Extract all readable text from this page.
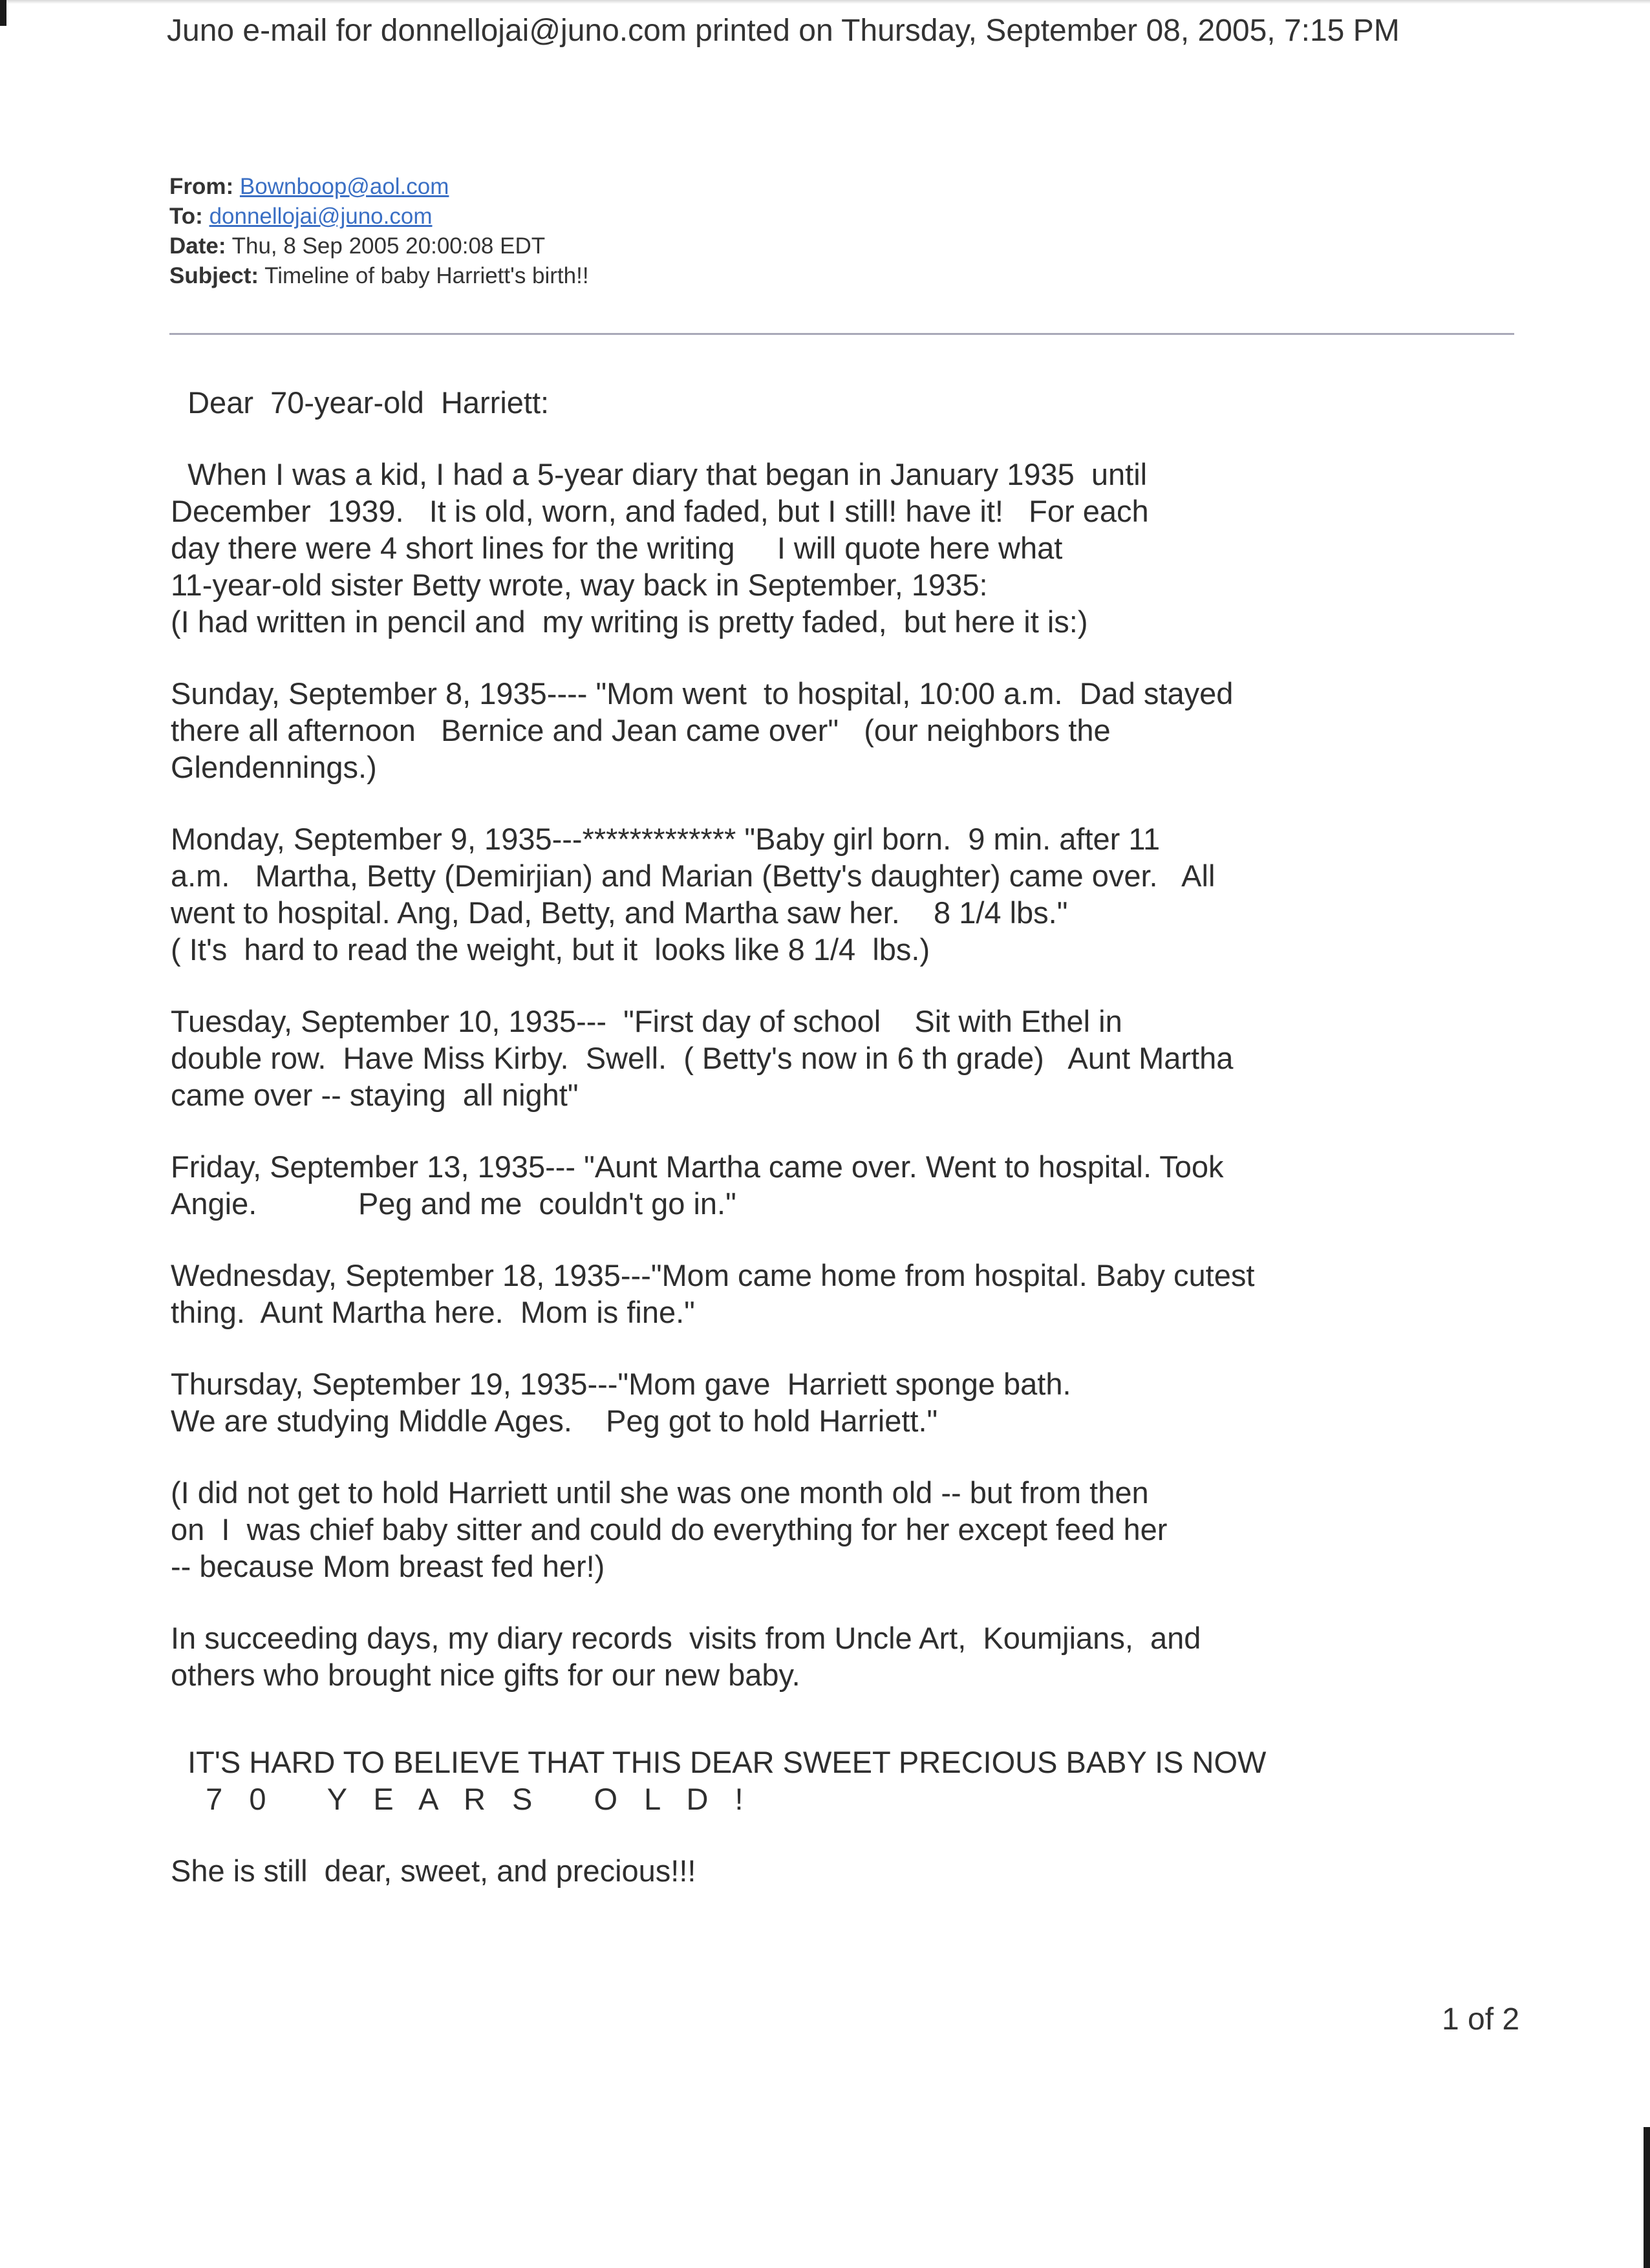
Juno e-mail for donnellojai@juno.com printed on Thursday, September 08, 2005, 7:15 PM
From: Bownboop@aol.com
To: donnellojai@juno.com
Date: Thu, 8 Sep 2005 20:00:08 EDT
Subject: Timeline of baby Harriett's birth!!
Dear  70-year-old  Harriett:
When I was a kid, I had a 5-year diary that began in January 1935  until
December  1939.   It is old, worn, and faded, but I still! have it!   For each
day there were 4 short lines for the writing     I will quote here what
11-year-old sister Betty wrote, way back in September, 1935:
(I had written in pencil and  my writing is pretty faded,  but here it is:)
Sunday, September 8, 1935---- "Mom went  to hospital, 10:00 a.m.  Dad stayed
there all afternoon   Bernice and Jean came over"   (our neighbors the
Glendennings.)
Monday, September 9, 1935---************* "Baby girl born.  9 min. after 11
a.m.   Martha, Betty (Demirjian) and Marian (Betty's daughter) came over.   All
went to hospital. Ang, Dad, Betty, and Martha saw her.    8 1/4 lbs."
( It's  hard to read the weight, but it  looks like 8 1/4  lbs.)
Tuesday, September 10, 1935---  "First day of school    Sit with Ethel in
double row.  Have Miss Kirby.  Swell.  ( Betty's now in 6 th grade)   Aunt Martha
came over -- staying  all night"
Friday, September 13, 1935--- "Aunt Martha came over. Went to hospital. Took
Angie.            Peg and me  couldn't go in."
Wednesday, September 18, 1935---"Mom came home from hospital. Baby cutest
thing.  Aunt Martha here.  Mom is fine."
Thursday, September 19, 1935---"Mom gave  Harriett sponge bath.
We are studying Middle Ages.    Peg got to hold Harriett."
(I did not get to hold Harriett until she was one month old -- but from then
on  I  was chief baby sitter and could do everything for her except feed her
-- because Mom breast fed her!)
In succeeding days, my diary records  visits from Uncle Art,  Koumjians,  and
others who brought nice gifts for our new baby.
IT'S HARD TO BELIEVE THAT THIS DEAR SWEET PRECIOUS BABY IS NOW
7 0   Y E A R S   O L D !
She is still  dear, sweet, and precious!!!
1 of 2
